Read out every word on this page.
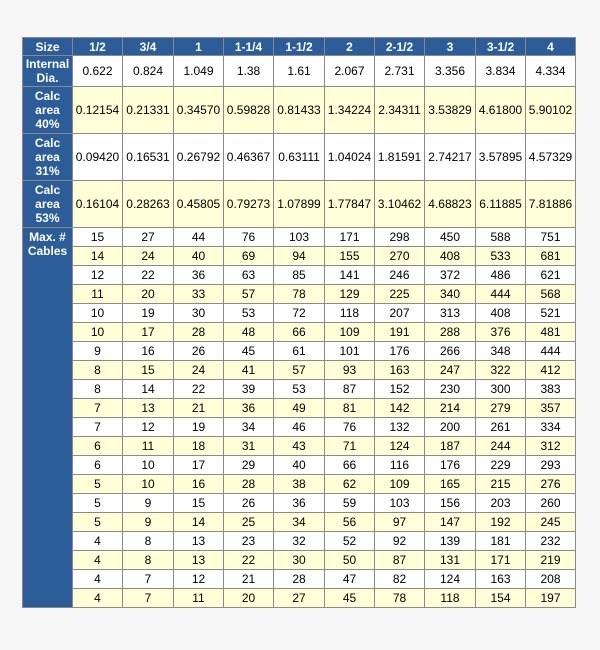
Size	1/2	3/4	1	1-1/4	1-1/2	2	2-1/2	3	3-1/2	4
Internal Dia.	0.622	0.824	1.049	1.38	1.61	2.067	2.731	3.356	3.834	4.334
Calc area 40%	0.12154	0.21331	0.34570	0.59828	0.81433	1.34224	2.34311	3.53829	4.61800	5.90102
Calc area 31%	0.09420	0.16531	0.26792	0.46367	0.63111	1.04024	1.81591	2.74217	3.57895	4.57329
Calc area 53%	0.16104	0.28263	0.45805	0.79273	1.07899	1.77847	3.10462	4.68823	6.11885	7.81886
Max. # Cables	15	27	44	76	103	171	298	450	588	751
	14	24	40	69	94	155	270	408	533	681
	12	22	36	63	85	141	246	372	486	621
	11	20	33	57	78	129	225	340	444	568
	10	19	30	53	72	118	207	313	408	521
	10	17	28	48	66	109	191	288	376	481
	9	16	26	45	61	101	176	266	348	444
	8	15	24	41	57	93	163	247	322	412
	8	14	22	39	53	87	152	230	300	383
	7	13	21	36	49	81	142	214	279	357
	7	12	19	34	46	76	132	200	261	334
	6	11	18	31	43	71	124	187	244	312
	6	10	17	29	40	66	116	176	229	293
	5	10	16	28	38	62	109	165	215	276
	5	9	15	26	36	59	103	156	203	260
	5	9	14	25	34	56	97	147	192	245
	4	8	13	23	32	52	92	139	181	232
	4	8	13	22	30	50	87	131	171	219
	4	7	12	21	28	47	82	124	163	208
	4	7	11	20	27	45	78	118	154	197
